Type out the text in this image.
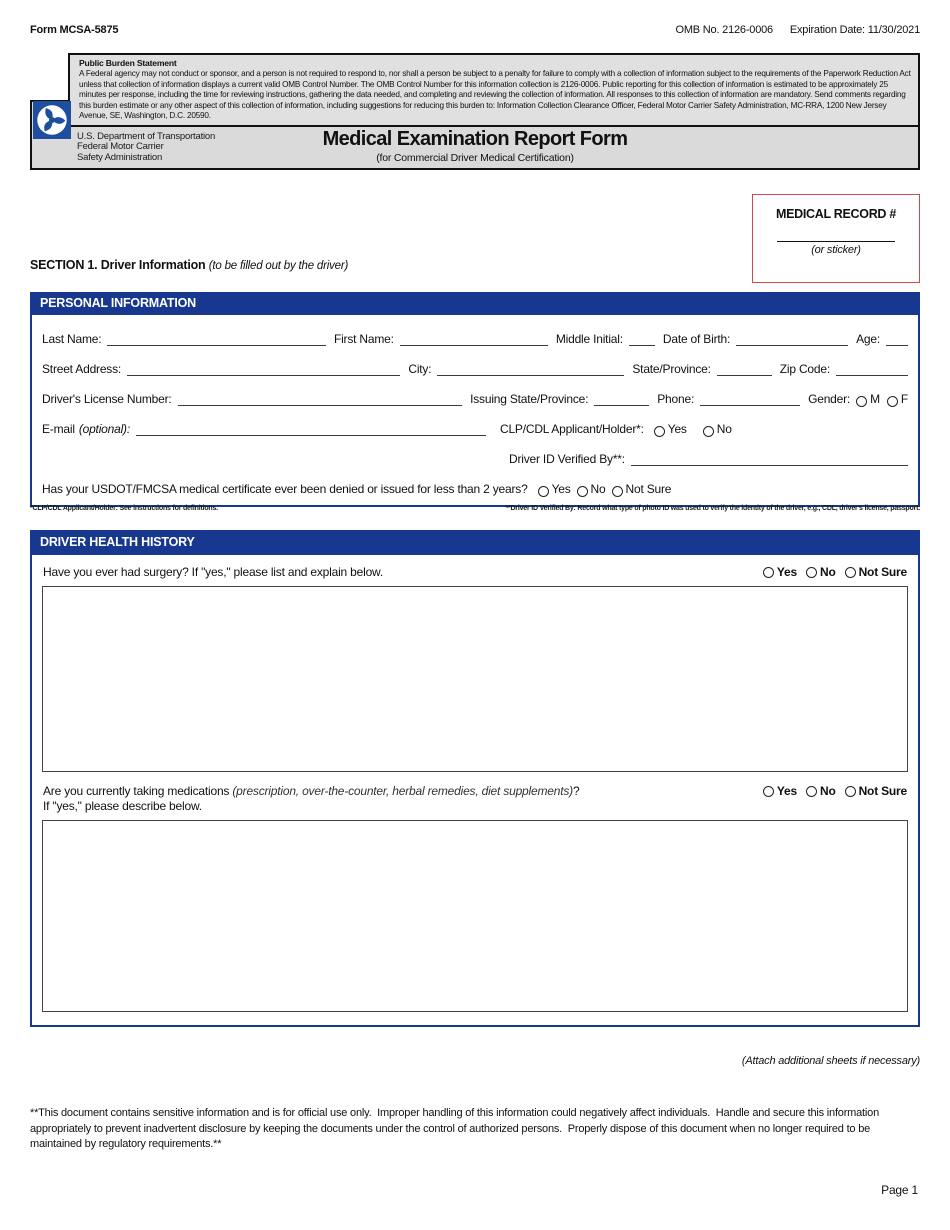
Form MCSA-5875	OMB No. 2126-0006 Expiration Date: 11/30/2021
U.S. Department of Transportation
Federal Motor Carrier
Safety Administration
Medical Examination Report Form
(for Commercial Driver Medical Certification)
Public Burden Statement
A Federal agency may not conduct or sponsor, and a person is not required to respond to, nor shall a person be subject to a penalty for failure to comply with a collection of information subject to the requirements of the Paperwork Reduction Act unless that collection of information displays a current valid OMB Control Number. The OMB Control Number for this information collection is 2126-0006. Public reporting for this collection of information is estimated to be approximately 25 minutes per response, including the time for reviewing instructions, gathering the data needed, and completing and reviewing the collection of information. All responses to this collection of information are mandatory. Send comments regarding this burden estimate or any other aspect of this collection of information, including suggestions for reducing this burden to: Information Collection Clearance Officer, Federal Motor Carrier Safety Administration, MC-RRA, 1200 New Jersey Avenue, SE, Washington, D.C. 20590.
MEDICAL RECORD #
(or sticker)
SECTION 1. Driver Information (to be filled out by the driver)
PERSONAL INFORMATION
Last Name:	First Name:	Middle Initial:	Date of Birth:	Age:
Street Address:	City:	State/Province:	Zip Code:
Driver's License Number:	Issuing State/Province:	Phone:	Gender: M F
E-mail (optional):	CLP/CDL Applicant/Holder*: Yes	No
Driver ID Verified By**:
Has your USDOT/FMCSA medical certificate ever been denied or issued for less than 2 years? Yes No Not Sure
*CLP/CDL Applicant/Holder: See instructions for definitions.	**Driver ID Verified By: Record what type of photo ID was used to verify the identity of the driver, e.g., CDL, driver's license, passport.
DRIVER HEALTH HISTORY
Have you ever had surgery? If "yes," please list and explain below.	Yes No Not Sure
Are you currently taking medications (prescription, over-the-counter, herbal remedies, diet supplements)?
If "yes," please describe below.
Yes No Not Sure
(Attach additional sheets if necessary)
**This document contains sensitive information and is for official use only.  Improper handling of this information could negatively affect individuals.  Handle and secure this information appropriately to prevent inadvertent disclosure by keeping the documents under the control of authorized persons.  Properly dispose of this document when no longer required to be maintained by regulatory requirements.**
Page 1
